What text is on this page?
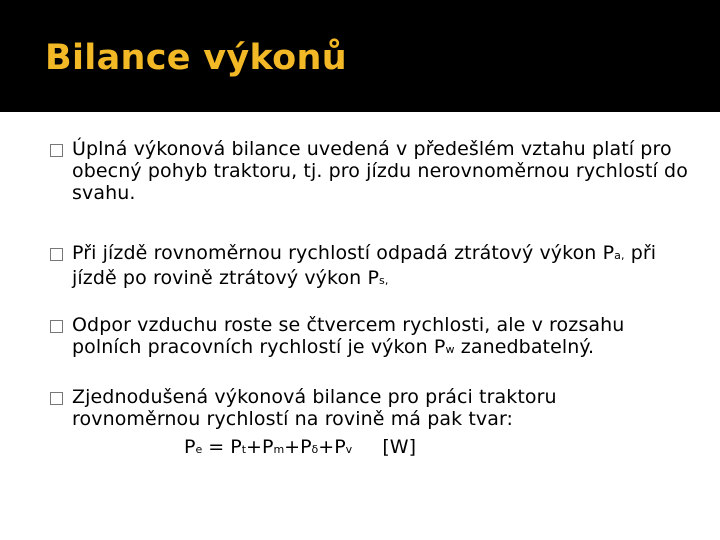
Bilance výkonů
Úplná výkonová bilance uvedená v předešlém vztahu platí pro obecný pohyb traktoru, tj. pro jízdu nerovnoměrnou rychlostí do svahu.
Při jízdě rovnoměrnou rychlostí odpadá ztrátový výkon Pa, při jízdě po rovině ztrátový výkon Ps,
Odpor vzduchu roste se čtvercem rychlosti, ale v rozsahu polních pracovních rychlostí je výkon Pw zanedbatelný.
Zjednodušená výkonová bilance pro práci traktoru rovnoměrnou rychlostí na rovině má pak tvar:
Pe = Pt+Pm+Pδ+Pv     [W]
